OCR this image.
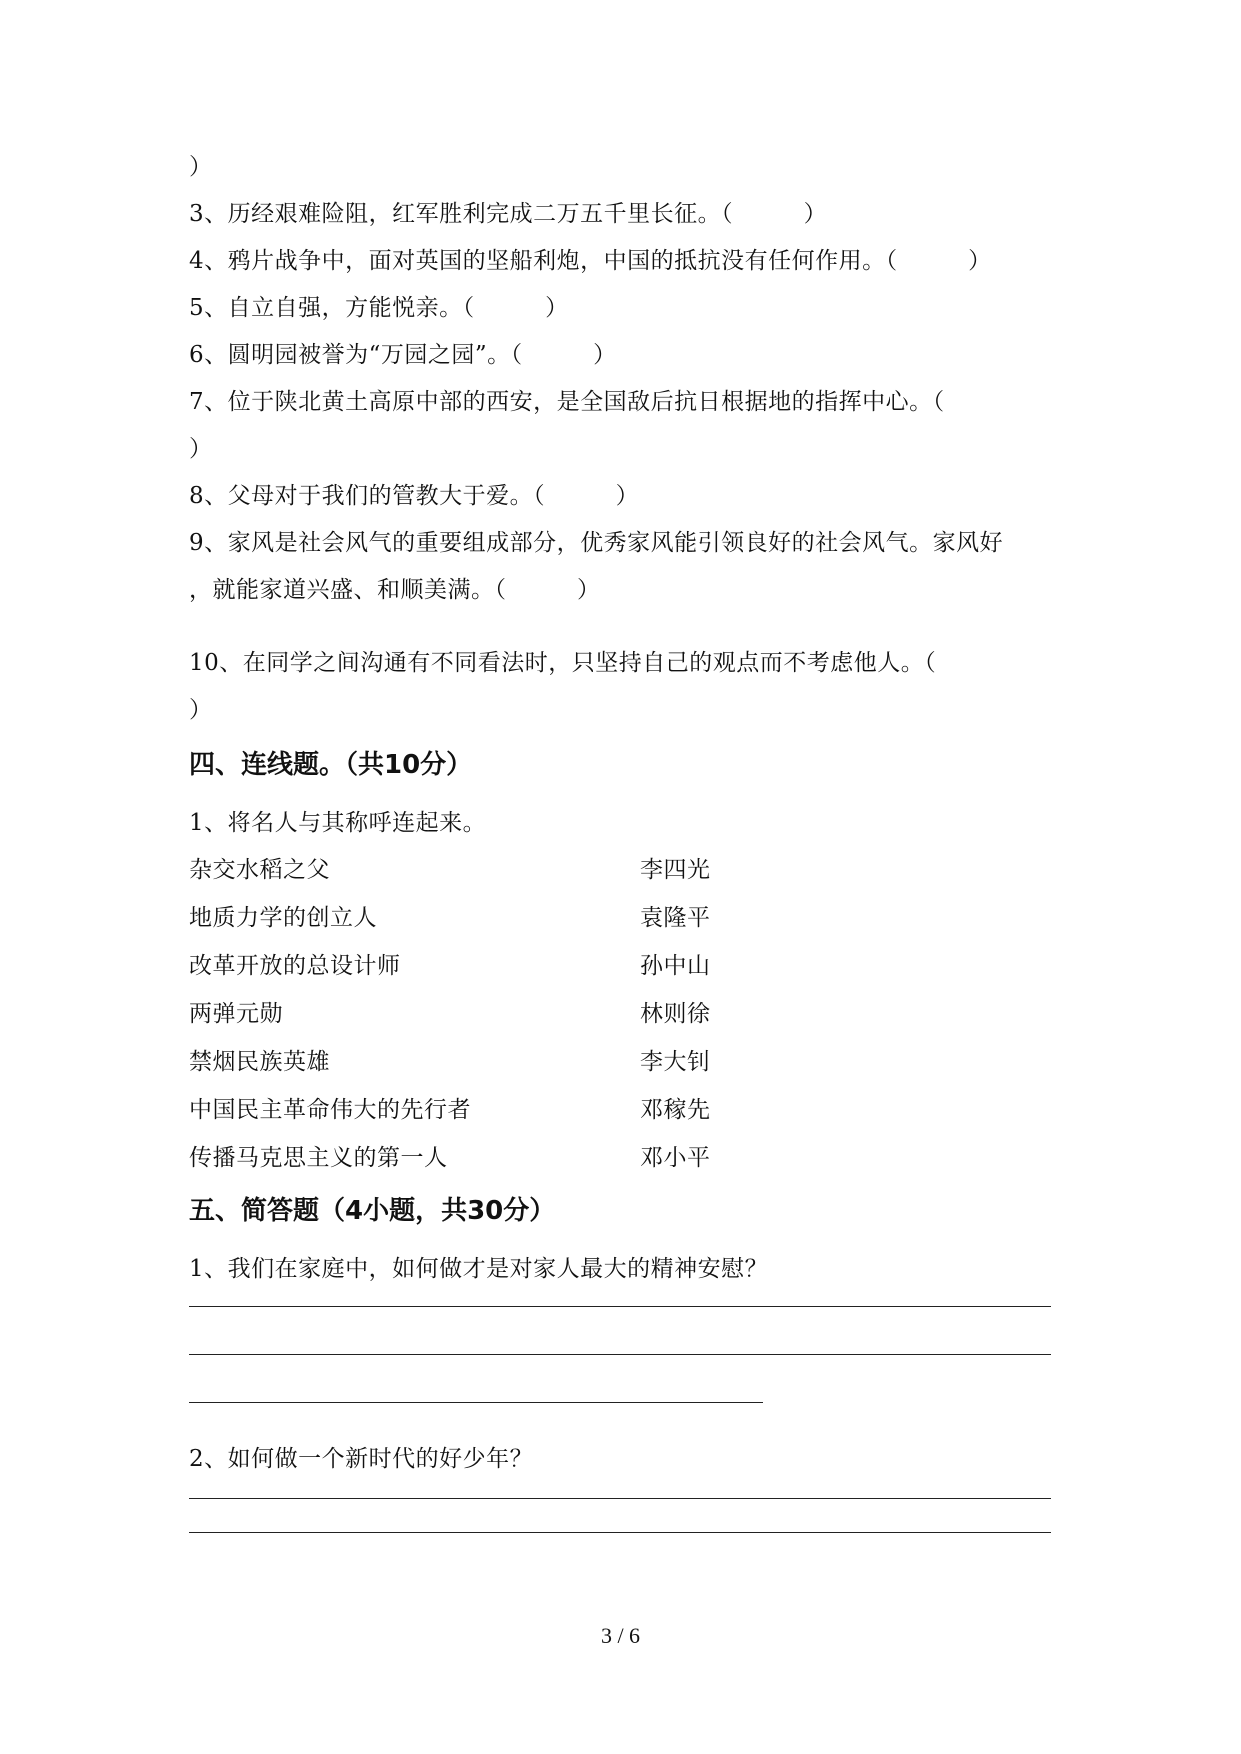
）
3、历经艰难险阻，红军胜利完成二万五千里长征。（　　　）
4、鸦片战争中，面对英国的坚船利炮，中国的抵抗没有任何作用。（　　　）
5、自立自强，方能悦亲。（　　　）
6、圆明园被誉为“万园之园”。（　　　）
7、位于陕北黄土高原中部的西安，是全国敌后抗日根据地的指挥中心。（
）
8、父母对于我们的管教大于爱。（　　　）
9、家风是社会风气的重要组成部分，优秀家风能引领良好的社会风气。家风好
，就能家道兴盛、和顺美满。（　　　）
10、在同学之间沟通有不同看法时，只坚持自己的观点而不考虑他人。（
）
四、连线题。（共10分）
1、将名人与其称呼连起来。
杂交水稻之父	李四光
地质力学的创立人	袁隆平
改革开放的总设计师	孙中山
两弹元勋	林则徐
禁烟民族英雄	李大钊
中国民主革命伟大的先行者	邓稼先
传播马克思主义的第一人	邓小平
五、简答题（4小题，共30分）
1、我们在家庭中，如何做才是对家人最大的精神安慰？
2、如何做一个新时代的好少年？
3 / 6
